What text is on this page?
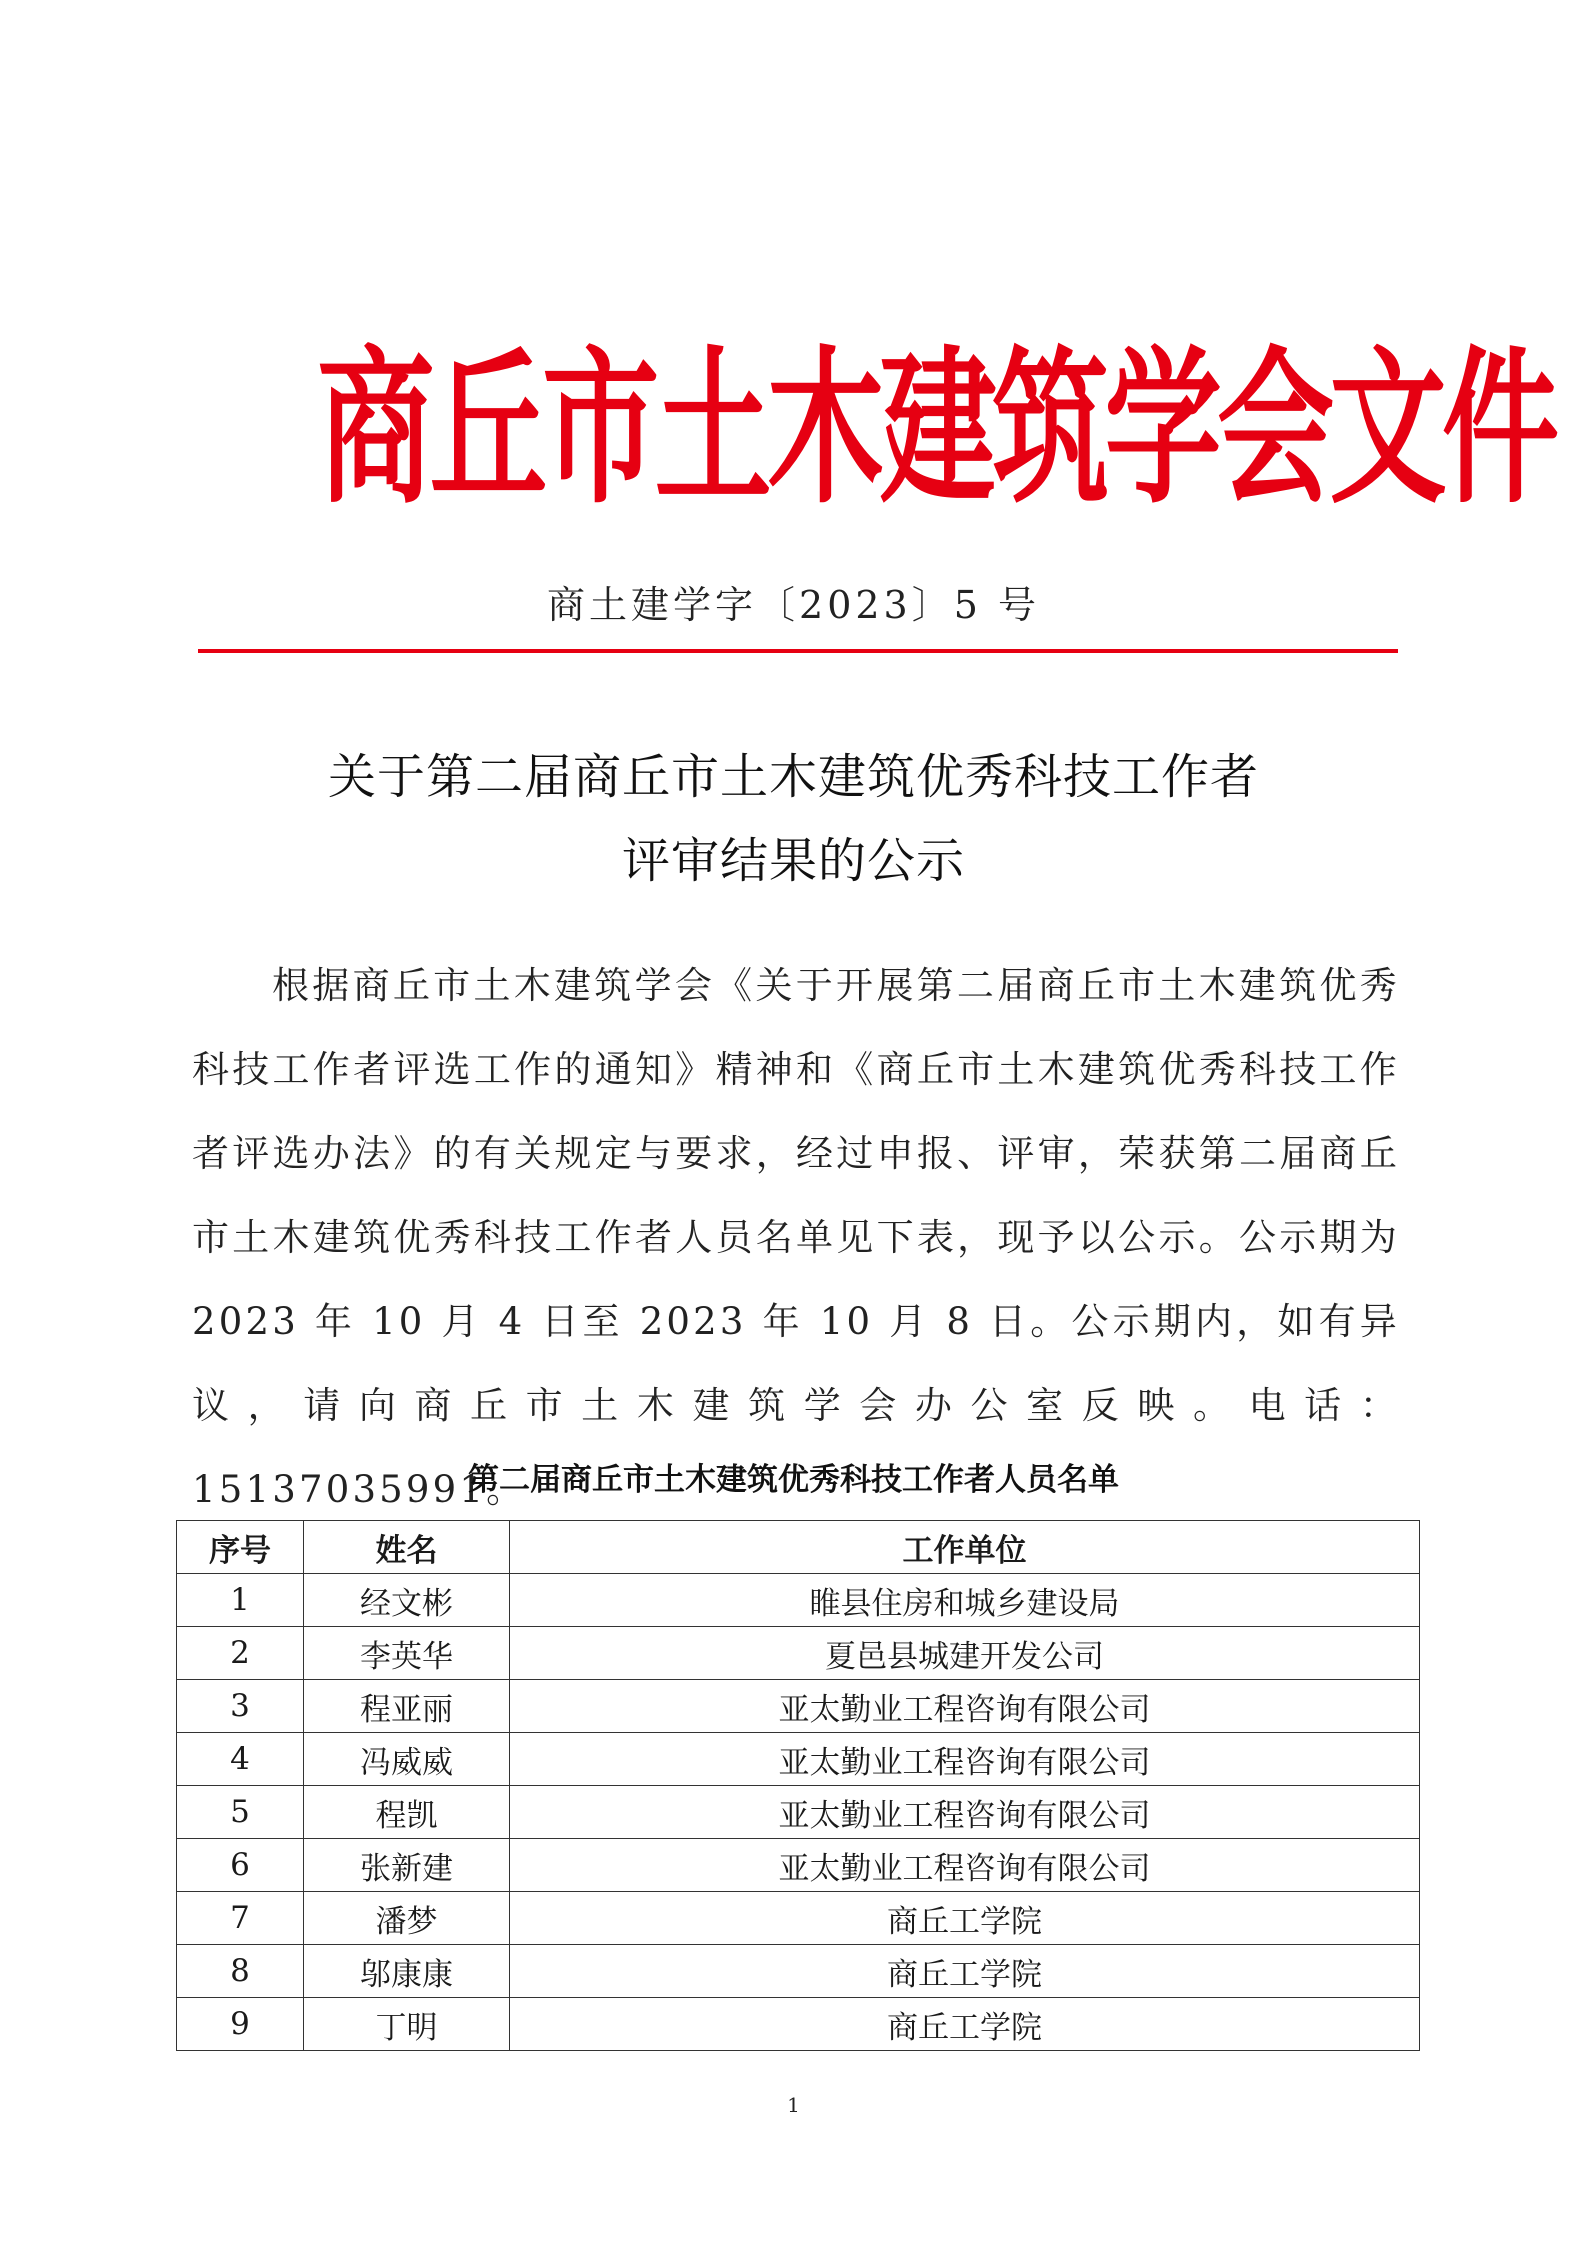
商丘市土木建筑学会文件
商土建学字〔2023〕5 号
关于第二届商丘市土木建筑优秀科技工作者
评审结果的公示

根据商丘市土木建筑学会《关于开展第二届商丘市土木建筑优秀科技工作者评选工作的通知》精神和《商丘市土木建筑优秀科技工作者评选办法》的有关规定与要求，经过申报、评审，荣获第二届商丘市土木建筑优秀科技工作者人员名单见下表，现予以公示。公示期为 2023 年 10 月 4 日至 2023 年 10 月 8 日。公示期内，如有异议，请向商丘市土木建筑学会办公室反映。电话：15137035991。

第二届商丘市土木建筑优秀科技工作者人员名单
序号	姓名	工作单位
1	经文彬	睢县住房和城乡建设局
2	李英华	夏邑县城建开发公司
3	程亚丽	亚太勤业工程咨询有限公司
4	冯威威	亚太勤业工程咨询有限公司
5	程凯	亚太勤业工程咨询有限公司
6	张新建	亚太勤业工程咨询有限公司
7	潘梦	商丘工学院
8	邬康康	商丘工学院
9	丁明	商丘工学院
1
